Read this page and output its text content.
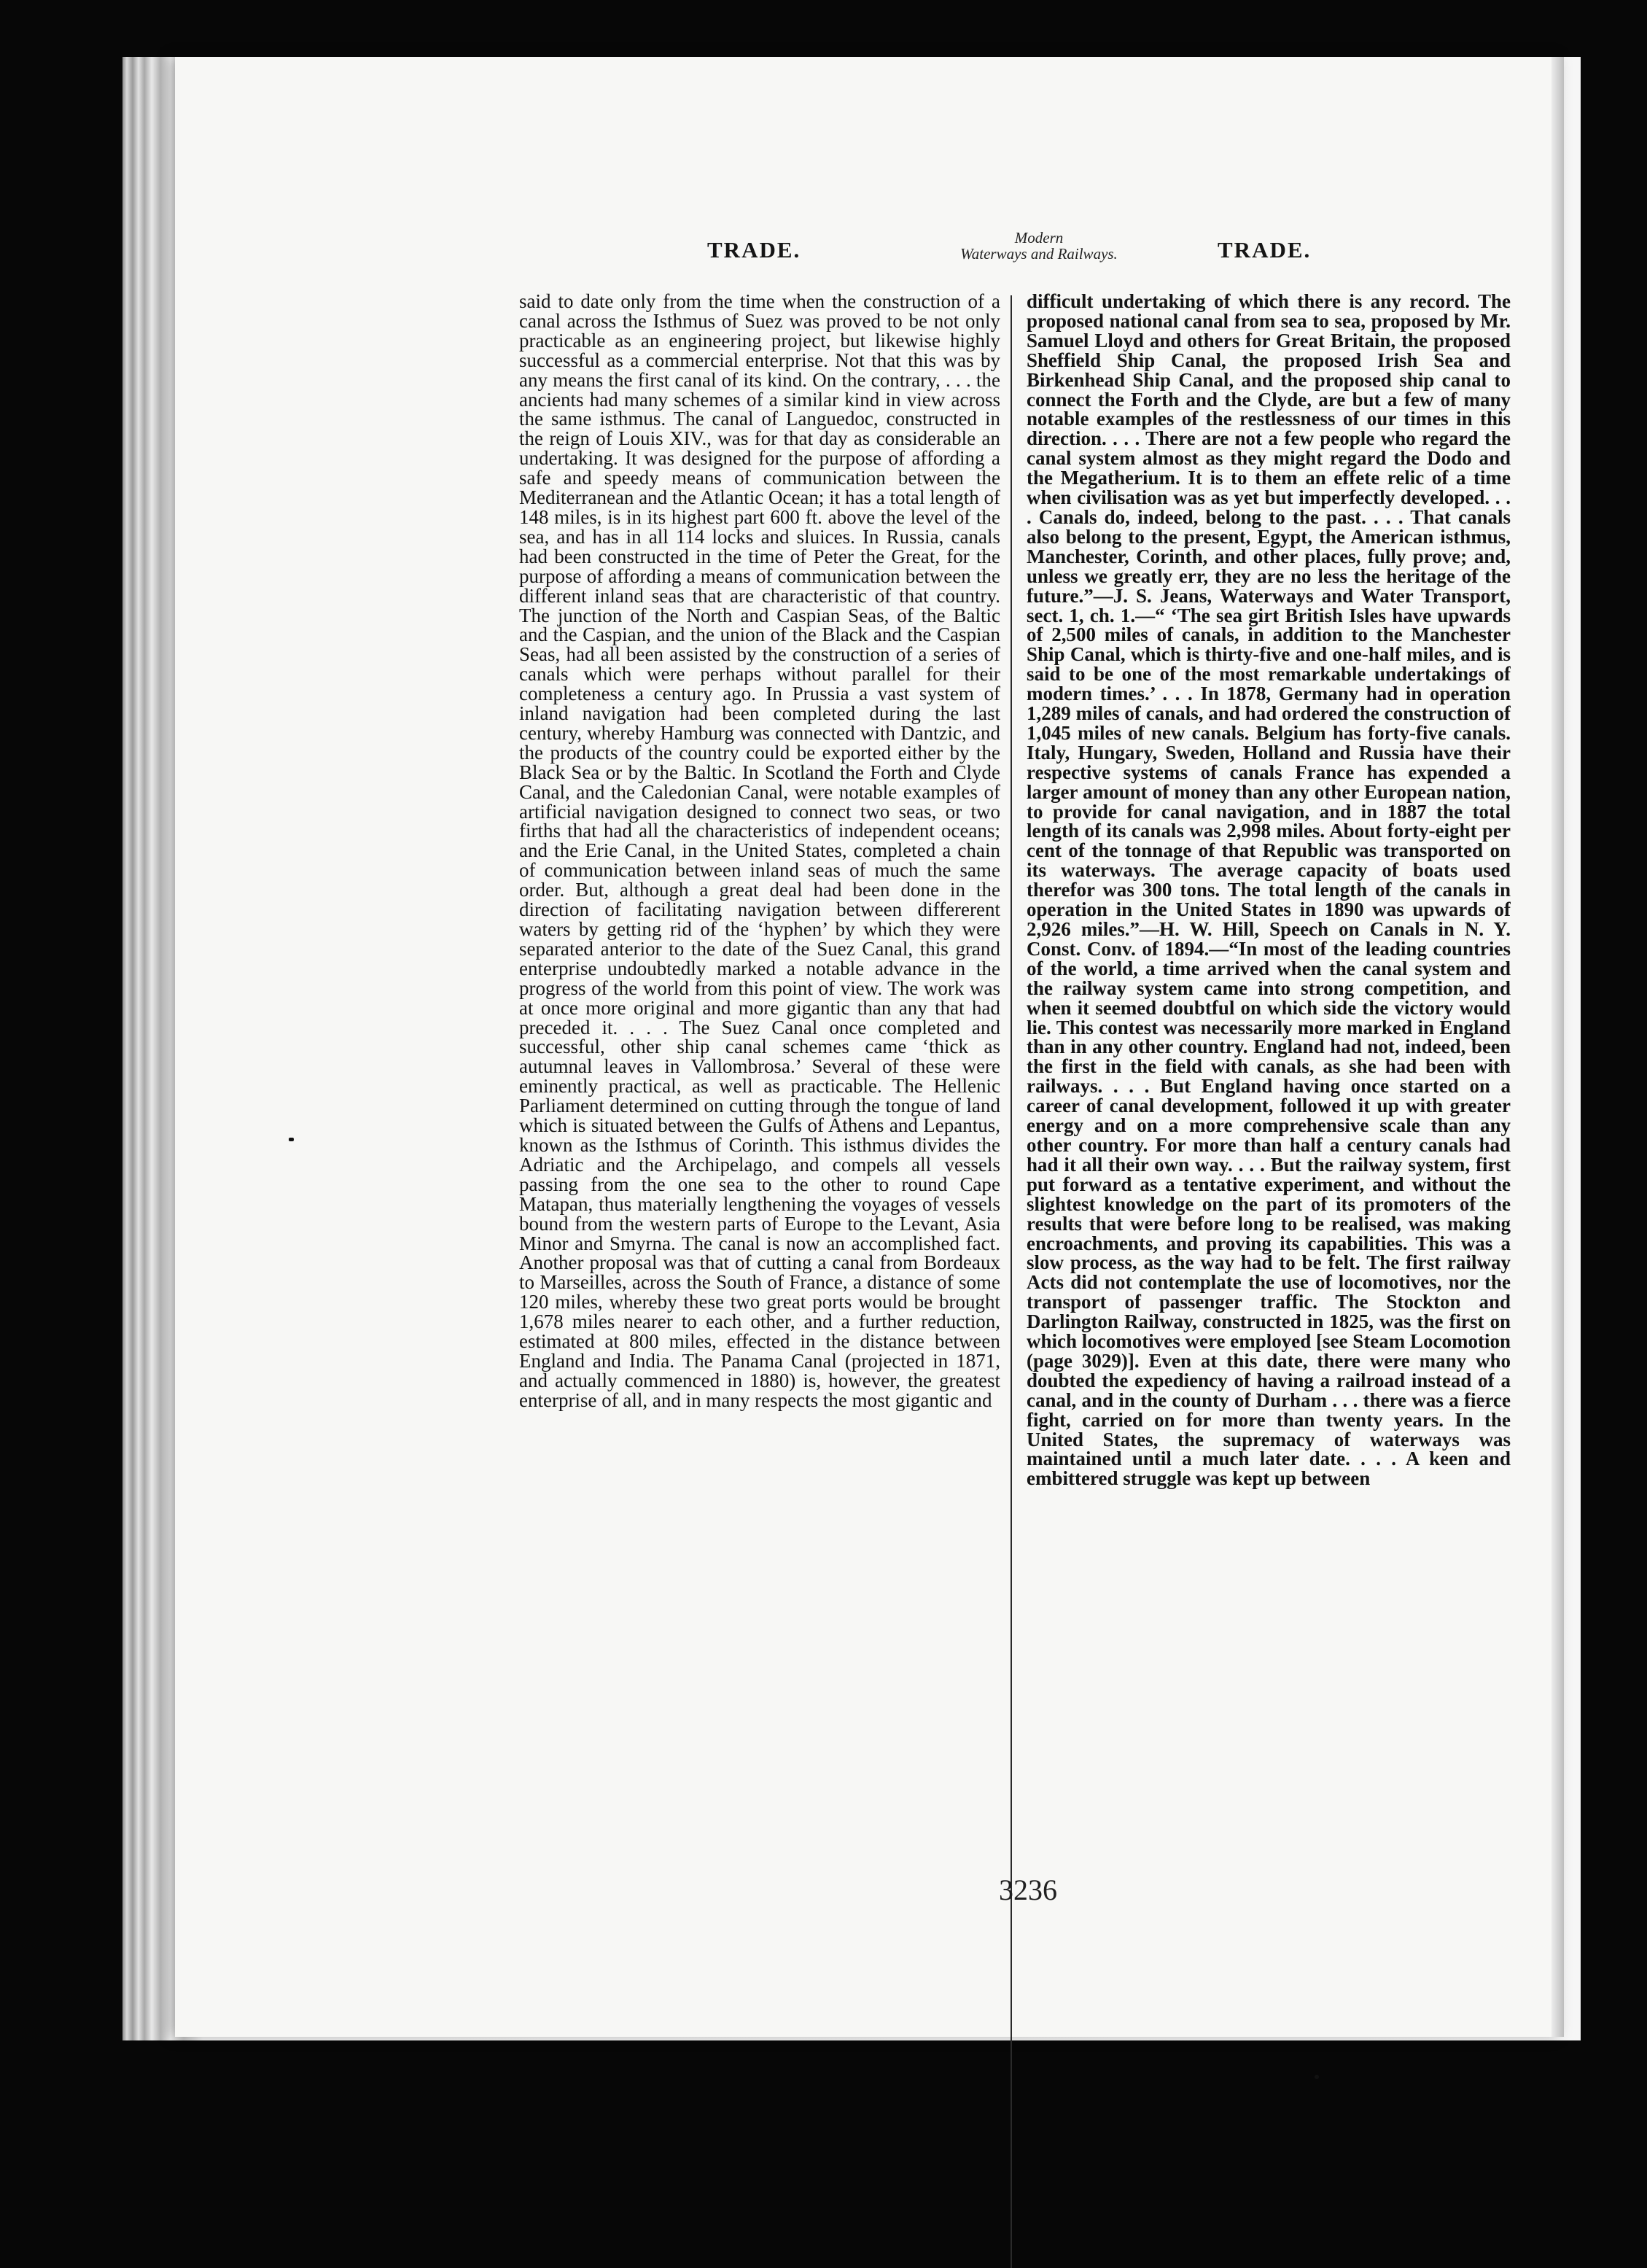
TRADE.	Modern
Waterways and Railways.	TRADE.
said to date only from the time when the construction of a canal across the Isthmus of Suez was proved to be not only practicable as an engineering project, but likewise highly successful as a commercial enterprise. Not that this was by any means the first canal of its kind. On the contrary, . . . the ancients had many schemes of a similar kind in view across the same isthmus. The canal of Languedoc, constructed in the reign of Louis XIV., was for that day as considerable an undertaking. It was designed for the purpose of affording a safe and speedy means of communication between the Mediterranean and the Atlantic Ocean; it has a total length of 148 miles, is in its highest part 600 ft. above the level of the sea, and has in all 114 locks and sluices. In Russia, canals had been constructed in the time of Peter the Great, for the purpose of affording a means of communication between the different inland seas that are characteristic of that country. The junction of the North and Caspian Seas, of the Baltic and the Caspian, and the union of the Black and the Caspian Seas, had all been assisted by the construction of a series of canals which were perhaps without parallel for their completeness a century ago. In Prussia a vast system of inland navigation had been completed during the last century, whereby Hamburg was connected with Dantzic, and the products of the country could be exported either by the Black Sea or by the Baltic. In Scotland the Forth and Clyde Canal, and the Caledonian Canal, were notable examples of artificial navigation designed to connect two seas, or two firths that had all the characteristics of independent oceans; and the Erie Canal, in the United States, completed a chain of communication between inland seas of much the same order. But, although a great deal had been done in the direction of facilitating navigation between differerent waters by getting rid of the ‘hyphen’ by which they were separated anterior to the date of the Suez Canal, this grand enterprise undoubtedly marked a notable advance in the progress of the world from this point of view. The work was at once more original and more gigantic than any that had preceded it. . . . The Suez Canal once completed and successful, other ship canal schemes came ‘thick as autumnal leaves in Vallombrosa.’ Several of these were eminently practical, as well as practicable. The Hellenic Parliament determined on cutting through the tongue of land which is situated between the Gulfs of Athens and Lepantus, known as the Isthmus of Corinth. This isthmus divides the Adriatic and the Archipelago, and compels all vessels passing from the one sea to the other to round Cape Matapan, thus materially lengthening the voyages of vessels bound from the western parts of Europe to the Levant, Asia Minor and Smyrna. The canal is now an accomplished fact. Another proposal was that of cutting a canal from Bordeaux to Marseilles, across the South of France, a distance of some 120 miles, whereby these two great ports would be brought 1,678 miles nearer to each other, and a further reduction, estimated at 800 miles, effected in the distance between England and India. The Panama Canal (projected in 1871, and actually commenced in 1880) is, however, the greatest enterprise of all, and in many respects the most gigantic and
difficult undertaking of which there is any record. The proposed national canal from sea to sea, proposed by Mr. Samuel Lloyd and others for Great Britain, the proposed Sheffield Ship Canal, the proposed Irish Sea and Birkenhead Ship Canal, and the proposed ship canal to connect the Forth and the Clyde, are but a few of many notable examples of the restlessness of our times in this direction. . . . There are not a few people who regard the canal system almost as they might regard the Dodo and the Megatherium. It is to them an effete relic of a time when civilisation was as yet but imperfectly developed. . . . Canals do, indeed, belong to the past. . . . That canals also belong to the present, Egypt, the American isthmus, Manchester, Corinth, and other places, fully prove; and, unless we greatly err, they are no less the heritage of the future.”—J. S. Jeans, Waterways and Water Transport, sect. 1, ch. 1.—“ ‘The sea girt British Isles have upwards of 2,500 miles of canals, in addition to the Manchester Ship Canal, which is thirty-five and one-half miles, and is said to be one of the most remarkable undertakings of modern times.’ . . . In 1878, Germany had in operation 1,289 miles of canals, and had ordered the construction of 1,045 miles of new canals. Belgium has forty-five canals. Italy, Hungary, Sweden, Holland and Russia have their respective systems of canals France has expended a larger amount of money than any other European nation, to provide for canal navigation, and in 1887 the total length of its canals was 2,998 miles. About forty-eight per cent of the tonnage of that Republic was transported on its waterways. The average capacity of boats used therefor was 300 tons. The total length of the canals in operation in the United States in 1890 was upwards of 2,926 miles.”—H. W. Hill, Speech on Canals in N. Y. Const. Conv. of 1894.—“In most of the leading countries of the world, a time arrived when the canal system and the railway system came into strong competition, and when it seemed doubtful on which side the victory would lie. This contest was necessarily more marked in England than in any other country. England had not, indeed, been the first in the field with canals, as she had been with railways. . . . But England having once started on a career of canal development, followed it up with greater energy and on a more comprehensive scale than any other country. For more than half a century canals had had it all their own way. . . . But the railway system, first put forward as a tentative experiment, and without the slightest knowledge on the part of its promoters of the results that were before long to be realised, was making encroachments, and proving its capabilities. This was a slow process, as the way had to be felt. The first railway Acts did not contemplate the use of locomotives, nor the transport of passenger traffic. The Stockton and Darlington Railway, constructed in 1825, was the first on which locomotives were employed [see Steam Locomotion (page 3029)]. Even at this date, there were many who doubted the expediency of having a railroad instead of a canal, and in the county of Durham . . . there was a fierce fight, carried on for more than twenty years. In the United States, the supremacy of waterways was maintained until a much later date. . . . A keen and embittered struggle was kept up between
3236
